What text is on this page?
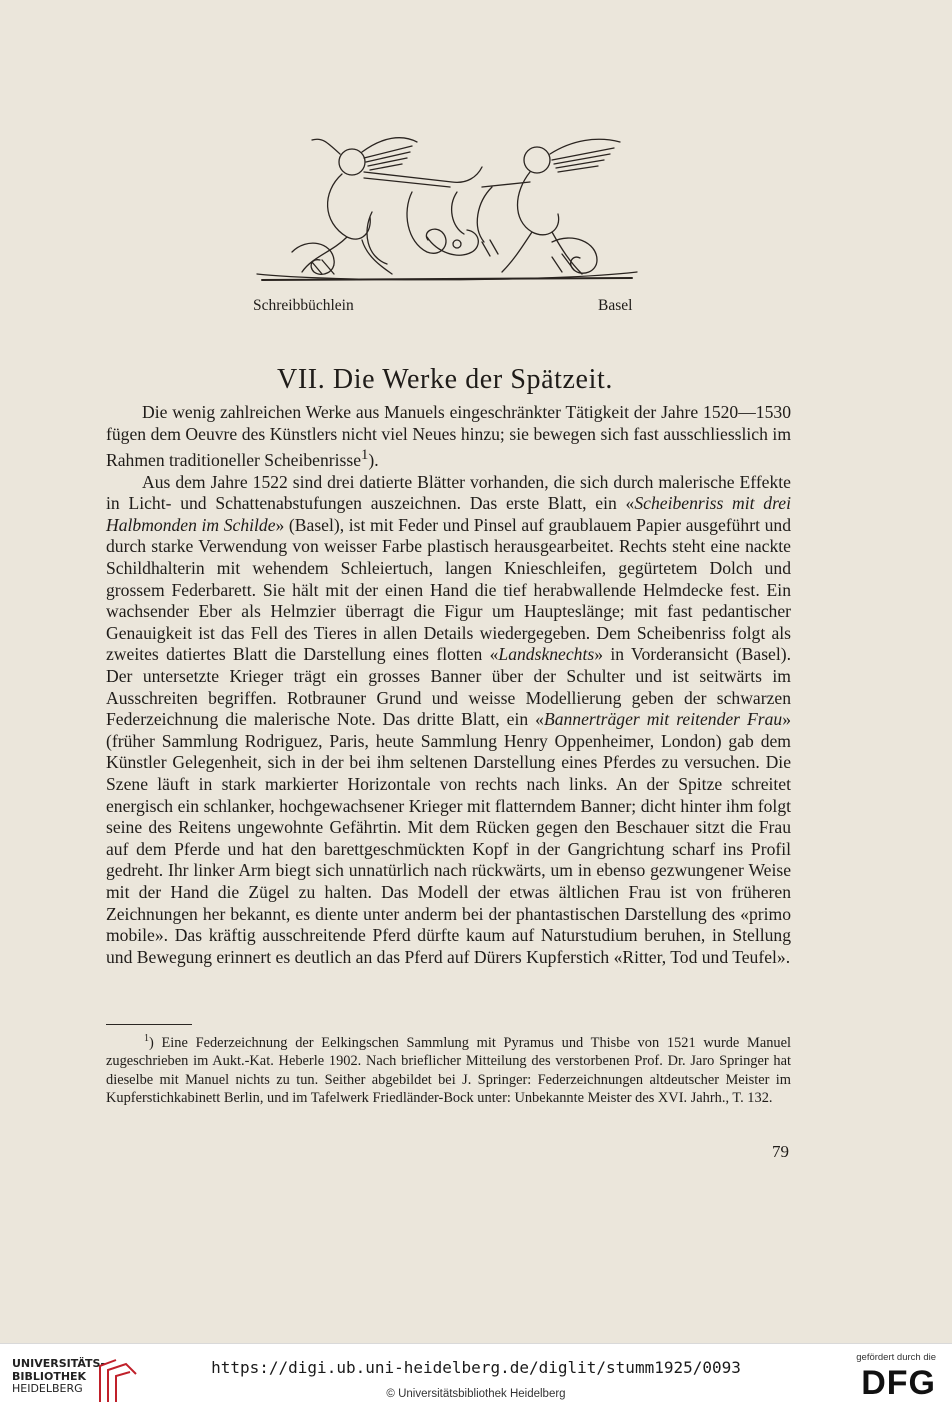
Schreibbüchlein	Basel
VII. Die Werke der Spätzeit.

Die wenig zahlreichen Werke aus Manuels eingeschränkter Tätigkeit der Jahre 1520—1530 fügen dem Oeuvre des Künstlers nicht viel Neues hinzu; sie bewegen sich fast ausschliesslich im Rahmen traditioneller Scheibenrisse$^1$).

Aus dem Jahre 1522 sind drei datierte Blätter vorhanden, die sich durch malerische Effekte in Licht- und Schattenabstufungen auszeichnen. Das erste Blatt, ein «Scheibenriss mit drei Halbmonden im Schilde» (Basel), ist mit Feder und Pinsel auf graublauem Papier ausgeführt und durch starke Verwendung von weisser Farbe plastisch herausgearbeitet. Rechts steht eine nackte Schildhalterin mit wehendem Schleiertuch, langen Knieschleifen, gegürtetem Dolch und grossem Federbarett. Sie hält mit der einen Hand die tief herabwallende Helmdecke fest. Ein wachsender Eber als Helmzier überragt die Figur um Haupteslänge; mit fast pedantischer Genauigkeit ist das Fell des Tieres in allen Details wiedergegeben. Dem Scheibenriss folgt als zweites datiertes Blatt die Darstellung eines flotten «Landsknechts» in Vorderansicht (Basel). Der untersetzte Krieger trägt ein grosses Banner über der Schulter und ist seitwärts im Ausschreiten begriffen. Rotbrauner Grund und weisse Modellierung geben der schwarzen Federzeichnung die malerische Note. Das dritte Blatt, ein «Bannerträger mit reitender Frau» (früher Sammlung Rodriguez, Paris, heute Sammlung Henry Oppenheimer, London) gab dem Künstler Gelegenheit, sich in der bei ihm seltenen Darstellung eines Pferdes zu versuchen. Die Szene läuft in stark markierter Horizontale von rechts nach links. An der Spitze schreitet energisch ein schlanker, hochgewachsener Krieger mit flatterndem Banner; dicht hinter ihm folgt seine des Reitens ungewohnte Gefährtin. Mit dem Rücken gegen den Beschauer sitzt die Frau auf dem Pferde und hat den barettgeschmückten Kopf in der Gangrichtung scharf ins Profil gedreht. Ihr linker Arm biegt sich unnatürlich nach rückwärts, um in ebenso gezwungener Weise mit der Hand die Zügel zu halten. Das Modell der etwas ältlichen Frau ist von früheren Zeichnungen her bekannt, es diente unter anderm bei der phantastischen Darstellung des «primo mobile». Das kräftig ausschreitende Pferd dürfte kaum auf Naturstudium beruhen, in Stellung und Bewegung erinnert es deutlich an das Pferd auf Dürers Kupferstich «Ritter, Tod und Teufel».

$^1$) Eine Federzeichnung der Eelkingschen Sammlung mit Pyramus und Thisbe von 1521 wurde Manuel zugeschrieben im Aukt.-Kat. Heberle 1902. Nach brieflicher Mitteilung des verstorbenen Prof. Dr. Jaro Springer hat dieselbe mit Manuel nichts zu tun. Seither abgebildet bei J. Springer: Federzeichnungen altdeutscher Meister im Kupferstichkabinett Berlin, und im Tafelwerk Friedländer-Bock unter: Unbekannte Meister des XVI. Jahrh., T. 132.

79
UNIVERSITÄTS-
BIBLIOTHEK
HEIDELBERG
https://digi.ub.uni-heidelberg.de/diglit/stumm1925/0093
© Universitätsbibliothek Heidelberg
gefördert durch die
DFG
